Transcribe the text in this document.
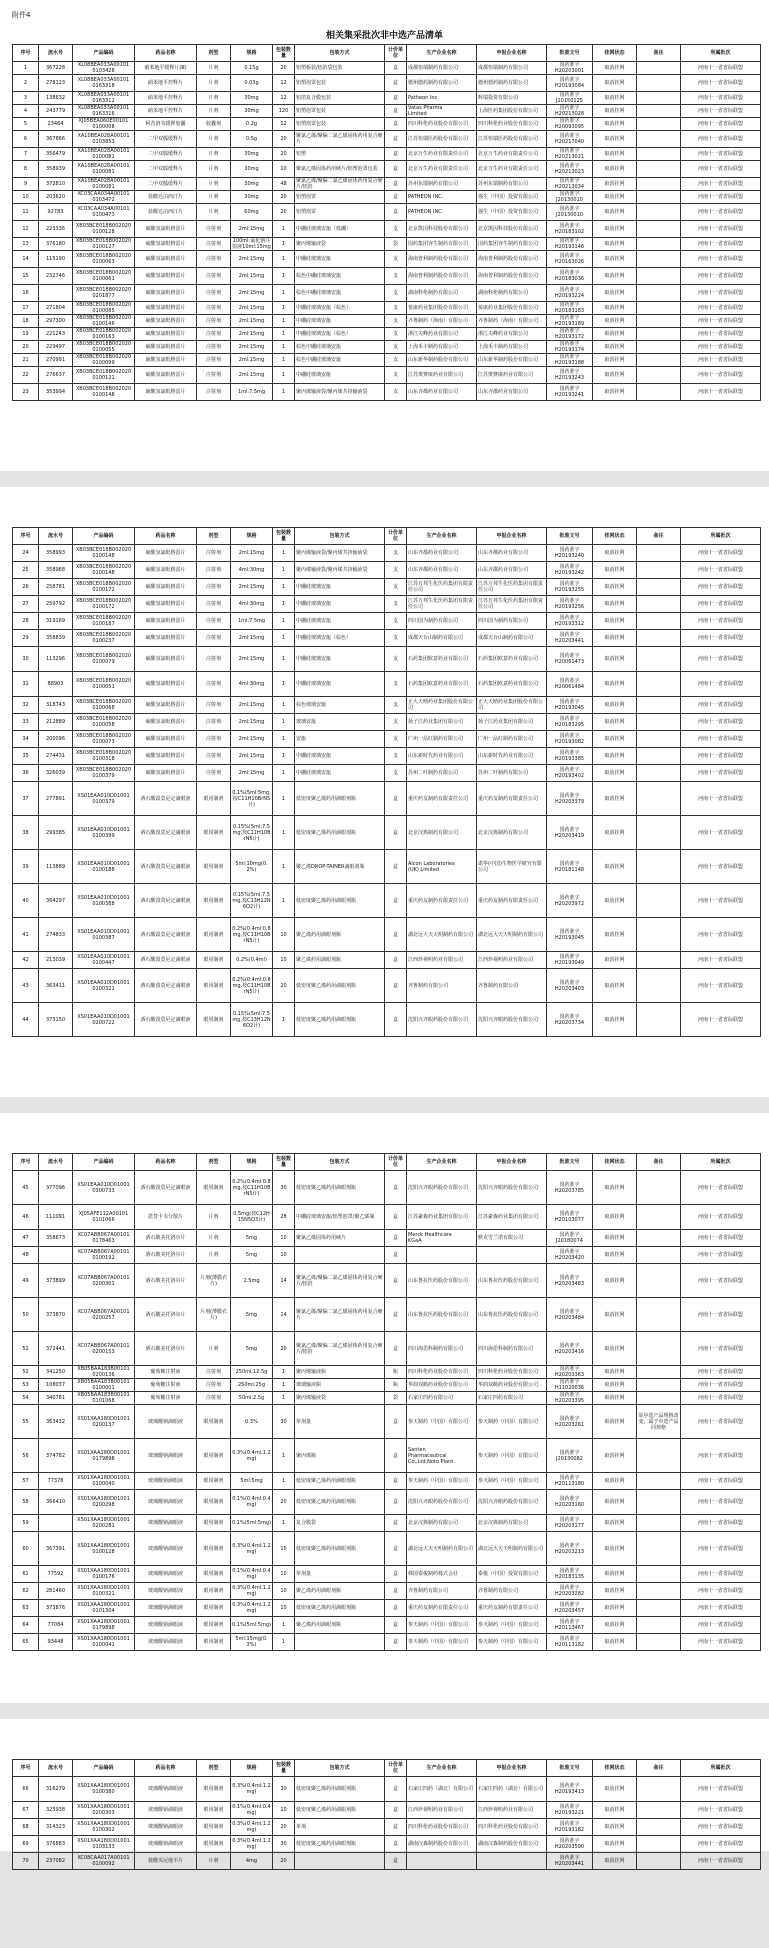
附件4
相关集采批次非中选产品清单
序号	流水号	产品编码	药品名称	剂型	规格	包装数量	包装方式	计价单位	生产企业名称	申报企业名称	批准文号	挂网状态	备注	所属批次
1	367228	XL08BEA033A00101
0103428	硝苯地平缓释片(Ⅲ)	片剂	0.15g	20	铝塑板装/铝箔袋包装	盒	成都恒瑞制药有限公司	成都恒瑞制药有限公司	国药准字
H20203001	取消挂网		河南十一省省际联盟
2	278123	XL08BEA033A00101
0163318	硝苯地平控释片	片剂	0.03g	12	铝塑泡罩包装	盒	德州德药制药有限公司	德州德药制药有限公司	国药准字
H20193084	取消挂网		河南十一省省际联盟
3	138632	XL08BEA033A00101
0163312	硝苯地平控释片	片剂	30mg	12	铝箔复合膜包装	盒	Patheon Inc	辉瑞投资有限公司	国药准字
J20150125	取消挂网		河南十一省省际联盟
4	243779	XL08BEA033A00101
0163316	硝苯地平控释片	片剂	30mg	120	铝塑泡罩包装	盒	Vatas Pharma
Limited	上海医药集团股份有限公司	国药准字
H20213028	取消挂网		河南十一省省际联盟
5	23464	XJ05BEA060E00101
0100008	阿昔洛韦缓释胶囊	胶囊剂	0.2g	12	铝塑泡罩包装	盒	四川科伦药业股份有限公司	四川科伦药业股份有限公司	国药准字
H20093095	取消挂网		河南十一省省际联盟
6	367866	XA10BEA028A00101
0103853	二甲双胍缓释片	片剂	0.5g	20	聚氯乙烯/聚偏二氯乙烯固体药用复合硬片	盒	江苏恒瑞医药股份有限公司	江苏恒瑞医药股份有限公司	国药准字
H20217040	取消挂网		河南十一省省际联盟
7	356479	XA10BEA028A00101
0100081	二甲双胍缓释片	片剂	30mg	20	铝塑	盒	北京万生药业有限责任公司	北京万生药业有限责任公司	国药准字
H20213021	取消挂网		河南十一省省际联盟
8	358939	XA10BEA028A00101
0100081	二甲双胍缓释片	片剂	30mg	10	聚氯乙烯固体药用硬片/铝塑泡罩包装	盒	北京万生药业有限责任公司	北京万生药业有限责任公司	国药准字
H20213023	取消挂网		河南十一省省际联盟
9	372810	XA10BEA028A00101
0100081	二甲双胍缓释片	片剂	30mg	48	聚氯乙烯/聚偏二氯乙烯固体药用复合硬片/铝箔	盒	苏州东瑞制药有限公司	苏州东瑞制药有限公司	国药准字
H20213034	取消挂网		河南十一省省际联盟
10	203620	XC03CAA034A00101
0103472	盐酸达泊西汀片	片剂	30mg	20	铝塑泡罩	盒	PATHEON INC.	强生（中国）投资有限公司	国药准字
J20130010	取消挂网		河南十一省省际联盟
11	92783	XC03CAA034A00101
0100473	盐酸达泊西汀片	片剂	60mg	20	铝塑泡罩	盒	PATHEON INC.	强生（中国）投资有限公司	国药准字
J20130010	取消挂网		河南十一省省际联盟
12	223336	XB03BCE018B002020
0100128	硫酸氢氯吡格雷片	注射剂	2ml:15mg	1	中硼硅玻璃安瓿（低硼）	支	北京凯因科技股份有限公司	北京凯因科技股份有限公司	国药准字
H20183102	取消挂网		河南十一省省际联盟
13	376180	XB03BCE018B002020
0100127	硫酸氢氯吡格雷片	注射剂	100ml:氯化钠注射液10ml:15mg	1	聚丙烯输液袋	袋	国药集团容生制药有限公司	国药集团容生制药有限公司	国药准字
H20193146	取消挂网		河南十一省省际联盟
14	115190	XB03BCE018B002020
0100063	硫酸氢氯吡格雷片	注射剂	2ml:15mg	1	中硼硅玻璃安瓿	支	海南普利制药股份有限公司	海南普利制药股份有限公司	国药准字
H20163026	取消挂网		河南十一省省际联盟
15	232746	XB03BCE018B002020
0100061	硫酸氢氯吡格雷片	注射剂	2ml:15mg	1	棕色中硼硅玻璃安瓿	支	海南普利制药股份有限公司	海南普利制药股份有限公司	国药准字
H20183036	取消挂网		河南十一省省际联盟
16		XB03BCE018B002020
0201877	硫酸氢氯吡格雷片	注射剂	2ml:15mg	1	棕色中硼硅玻璃安瓿	支	湖南科伦制药有限公司	湖南科伦制药有限公司	国药准字
H20193224	取消挂网		河南十一省省际联盟
17	271804	XB03BCE018B002020
0100085	硫酸氢氯吡格雷片	注射剂	2ml:15mg	1	中硼硅玻璃安瓿（棕色）	支	悦康药业集团股份有限公司	悦康药业集团股份有限公司	国药准字
H20183183	取消挂网		河南十一省省际联盟
18	297300	XB03BCE018B002020
0100146	硫酸氢氯吡格雷片	注射剂	2ml:15mg	1	中硼硅玻璃安瓿	支	齐鲁制药（海南）有限公司	齐鲁制药（海南）有限公司	国药准字
H20193189	取消挂网		河南十一省省际联盟
19	221243	XB03BCE018B002020
0100163	硫酸氢氯吡格雷片	注射剂	2ml:15mg	1	中硼硅玻璃安瓿（棕色）	支	浙江尖峰药业有限公司	浙江尖峰药业有限公司	国药准字
H20193172	取消挂网		河南十一省省际联盟
20	229497	XB03BCE018B002020
0100055	硫酸氢氯吡格雷片	注射剂	2ml:15mg	1	棕色中硼硅玻璃安瓿	支	上海禾丰制药有限公司	上海禾丰制药有限公司	国药准字
H20193174	取消挂网		河南十一省省际联盟
21	270991	XB03BCE018B002020
0100099	硫酸氢氯吡格雷片	注射剂	2ml:15mg	1	棕色中硼硅玻璃安瓿	支	山东新华制药股份有限公司	山东新华制药股份有限公司	国药准字
H20193188	取消挂网		河南十一省省际联盟
22	276637	XB03BCE018B002020
0100121	硫酸氢氯吡格雷片	注射剂	2ml:15mg	1	中硼硅玻璃安瓿	支	江苏奥赛康药业有限公司	江苏奥赛康药业有限公司	国药准字
H20193243	取消挂网		河南十一省省际联盟
23	353994	XB03BCE018B002020
0100148	硫酸氢氯吡格雷片	注射剂	1ml:7.5mg	1	聚丙烯输液袋/聚丙烯共挤输液袋	支	山东齐都药业有限公司	山东齐都药业有限公司	国药准字
H20193241	取消挂网		河南十一省省际联盟
序号	流水号	产品编码	药品名称	剂型	规格	包装数量	包装方式	计价单位	生产企业名称	申报企业名称	批准文号	挂网状态	备注	所属批次
24	358993	XB03BCE018B002020
0100148	硫酸氢氯吡格雷片	注射剂	2ml:15mg	1	聚丙烯输液袋/聚丙烯共挤输液袋	支	山东齐都药业有限公司	山东齐都药业有限公司	国药准字
H20193240	取消挂网		河南十一省省际联盟
25	358968	XB03BCE018B002020
0100148	硫酸氢氯吡格雷片	注射剂	4ml:30mg	1	聚丙烯输液袋/聚丙烯共挤输液袋	支	山东齐都药业有限公司	山东齐都药业有限公司	国药准字
H20193242	取消挂网		河南十一省省际联盟
26	258781	XB03BCE018B002020
0100172	硫酸氢氯吡格雷片	注射剂	2ml:15mg	1	中硼硅玻璃安瓿	支	江苏万邦生化医药集团有限责任公司	江苏万邦生化医药集团有限责任公司	国药准字
H20193255	取消挂网		河南十一省省际联盟
27	259792	XB03BCE018B002020
0100172	硫酸氢氯吡格雷片	注射剂	4ml:30mg	1	中硼硅玻璃安瓿	支	江苏万邦生化医药集团有限责任公司	江苏万邦生化医药集团有限责任公司	国药准字
H20193256	取消挂网		河南十一省省际联盟
28	319169	XB03BCE018B002020
0100187	硫酸氢氯吡格雷片	注射剂	1ml:7.5mg	1	中硼硅玻璃安瓿	支	四川国为制药有限公司	四川国为制药有限公司	国药准字
H20193312	取消挂网		河南十一省省际联盟
29	358839	XB03BCE018B002020
0100237	硫酸氢氯吡格雷片	注射剂	2ml:15mg	1	中硼硅玻璃安瓿（棕色）	支	成都天台山制药有限公司	成都天台山制药有限公司	国药准字
H20203441	取消挂网		河南十一省省际联盟
30	113296	XB03BCE018B002020
0100079	硫酸氢氯吡格雷片	注射剂	2ml:15mg	1	中硼硅玻璃安瓿	支	石药集团欧意药业有限公司	石药集团欧意药业有限公司	国药准字
H20061473	取消挂网		河南十一省省际联盟
31	88903	XB03BCE018B002020
0100051	硫酸氢氯吡格雷片	注射剂	4ml:30mg	1	中硼硅玻璃安瓿	支	石药集团欧意药业有限公司	石药集团欧意药业有限公司	国药准字
H20061484	取消挂网		河南十一省省际联盟
32	318743	XB03BCE018B002020
0100068	硫酸氢氯吡格雷片	注射剂	2ml:15mg	1	棕色玻璃安瓿	支	正大天晴药业集团股份有限公司	正大天晴药业集团股份有限公司	国药准字
H20193045	取消挂网		河南十一省省际联盟
33	212889	XB03BCE018B002020
0100058	硫酸氢氯吡格雷片	注射剂	2ml:15mg	1	玻璃安瓿	支	扬子江药业集团有限公司	扬子江药业集团有限公司	国药准字
H20183295	取消挂网		河南十一省省际联盟
34	200096	XB03BCE018B002020
0100073	硫酸氢氯吡格雷片	注射剂	2ml:15mg	1	安瓿	支	广州一品红制药有限公司	广州一品红制药有限公司	国药准字
H20193082	取消挂网		河南十一省省际联盟
35	274431	XB03BCE018B002020
0100318	硫酸氢氯吡格雷片	注射剂	2ml:15mg	1	中硼硅玻璃安瓿	支	山东新时代药业有限公司	山东新时代药业有限公司	国药准字
H20193385	取消挂网		河南十一省省际联盟
36	326039	XB03BCE018B002020
0100379	硫酸氢氯吡格雷片	注射剂	2ml:15mg	1	中硼硅玻璃安瓿	支	苏州二叶制药有限公司	苏州二叶制药有限公司	国药准字
H20193402	取消挂网		河南十一省省际联盟
37	277891	XS01EAA010D01001
0100379	酒石酸溴莫尼定滴眼液	眼用制剂	0.1%(5ml:5mg,按C11H10BrN5计)	1	低密度聚乙烯药用滴眼剂瓶	盒	重庆药友制药有限责任公司	重庆药友制药有限责任公司	国药准字
H20203379	取消挂网		河南十一省省际联盟
38	299385	XS01EAA010D01001
0100399	酒石酸溴莫尼定滴眼液	眼用制剂	0.15%(5ml:7.5mg,按C11H10BrN5计)	1	低密度聚乙烯药用滴眼剂瓶	盒	北京汉典制药有限公司	北京汉典制药有限公司	国药准字
H20203419	取消挂网		河南十一省省际联盟
39	113889	XS01EAA010D01001
0100188	酒石酸溴莫尼定滴眼液	眼用制剂	5ml:10mg(0.2%)	1	聚乙烯DROP-TAINER滴眼剂瓶	盒	Alcon Laboratories
(UK) Limited	诺华(中国)生物医学研究有限公司	国药准字
H20181148	取消挂网		河南十一省省际联盟
40	364297	XS01EAA010D01001
0100388	酒石酸溴莫尼定滴眼液	眼用制剂	0.15%(5ml:7.5mg,按C13H12N6O2计)	1	低密度聚乙烯药用滴眼剂瓶	盒	重庆药友制药有限责任公司	重庆药友制药有限责任公司	国药准字
H20203972	取消挂网		河南十一省省际联盟
41	274833	XS01EAA010D01001
0100387	酒石酸溴莫尼定滴眼液	眼用制剂	0.2%(0.4ml:0.8mg,按C11H10BrN5计)	10	聚乙烯药用滴眼剂瓶	盒	湖北远大天天明制药有限公司	湖北远大天天明制药有限公司	国药准字
H20193045	取消挂网		河南十一省省际联盟
42	213039	XS01EAA010D01001
0100447	酒石酸溴莫尼定滴眼液	眼用制剂	0.2%(0.4ml)	10	聚乙烯药用滴眼剂瓶	盒	江西珍视明药业有限公司	江西珍视明药业有限公司	国药准字
H20193049	取消挂网		河南十一省省际联盟
43	363411	XS01EAA010D01001
0100321	酒石酸溴莫尼定滴眼液	眼用制剂	0.2%(0.4ml:0.8mg,按C11H10BrN5计)	20	低密度聚乙烯药用滴眼剂瓶	盒	齐鲁制药有限公司	齐鲁制药有限公司	国药准字
H20203403	取消挂网		河南十一省省际联盟
44	373150	XS01EAA010D01001
0200722	酒石酸溴莫尼定滴眼液	眼用制剂	0.15%(5ml:7.5mg,按C13H12N6O2计)	1	低密度聚乙烯药用滴眼剂瓶	盒	沈阳兴齐眼药股份有限公司	沈阳兴齐眼药股份有限公司	国药准字
H20203734	取消挂网		河南十一省省际联盟
序号	流水号	产品编码	药品名称	剂型	规格	包装数量	包装方式	计价单位	生产企业名称	申报企业名称	批准文号	挂网状态	备注	所属批次
45	377096	XS01EAA010D01001
0300733	酒石酸溴莫尼定滴眼液	眼用制剂	0.2%(0.4ml:0.8mg,按C11H10BrN5计)	30	低密度聚乙烯药用滴眼剂瓶	盒	沈阳兴齐眼药股份有限公司	沈阳兴齐眼药股份有限公司	国药准字
H20203785	取消挂网		河南十一省省际联盟
46	111091	XJ05AFE112A00101
0101066	恩替卡韦分散片	片剂	0.5mg(按C12H15N5O3计)	28	中硼硅玻璃安瓿/铝塑泡罩/聚乙烯瓶	盒	江苏豪森药业集团有限公司	江苏豪森药业集团有限公司	国药准字
H20103077	取消挂网		河南十一省省际联盟
47	358673	XC07ABB067A00101
0178463	酒石酸美托洛尔片	片剂	5mg	10	聚氯乙烯固体药用硬片	盒	Merck Healthcare
KGaA	默克雪兰诺有限公司	国药准字
J20180074	取消挂网		河南十一省省际联盟
48		XC07ABB067A00101
0100192	酒石酸美托洛尔片	片剂	5mg	10		盒			国药准字
H20203420	取消挂网		河南十一省省际联盟
49	373899	XC07ABB067A00101
0200301	酒石酸美托洛尔片	片剂(薄膜衣片)	2.5mg	14	聚氯乙烯/聚偏二氯乙烯固体药用复合硬片/铝箔	盒	山东鲁抗医药股份有限公司	山东鲁抗医药股份有限公司	国药准字
H20203483	取消挂网		河南十一省省际联盟
50	373870	XC07ABB067A00101
0200257	酒石酸美托洛尔片	片剂(薄膜衣片)	5mg	14	聚氯乙烯/聚偏二氯乙烯固体药用复合硬片	盒	山东鲁抗医药股份有限公司	山东鲁抗医药股份有限公司	国药准字
H20203484	取消挂网		河南十一省省际联盟
51	372441	XC07ABB067A00101
0200153	酒石酸美托洛尔片	片剂	5mg	20	聚氯乙烯/聚偏二氯乙烯固体药用复合硬片/铝箔	盒	四川海思科制药有限公司	四川海思科制药有限公司	国药准字
H20203416	取消挂网		河南十一省省际联盟
52	341250	XB05BAA183B00101
0200136	葡萄糖注射液	注射剂	250ml:12.5g	1	聚丙烯输液瓶	瓶	四川科伦药业股份有限公司	四川科伦药业股份有限公司	国药准字
H20203363	取消挂网		河南十一省省际联盟
53	108037	XB05BAA183B00101
0100001	葡萄糖注射液	注射剂	250ml:25g	1	玻璃输液瓶	瓶	华润双鹤药业股份有限公司	华润双鹤药业股份有限公司	国药准字
H11020036	取消挂网		河南十一省省际联盟
54	340781	XB05BAA183B00101
0101068	葡萄糖注射液	注射剂	50ml:2.5g	1	聚丙烯输液袋	袋	石家庄四药有限公司	石家庄四药有限公司	国药准字
H20203395	取消挂网		河南十一省省际联盟
55	363432	XS01XAA180D01001
0200137	玻璃酸钠滴眼液	眼用制剂	0.3%	30	单剂量	盒	参天制药（中国）有限公司	参天制药（中国）有限公司	国药准字
H20203261	取消挂网	原中选产品规格改变，属于中选产品同规格	河南十一省省际联盟
56	374782	XS01XAA180D01001
0179898	玻璃酸钠滴眼液	眼用制剂	0.3%(0.4ml:1.2mg)	1	聚丙烯瓶	盒	Santen
Pharmaceutical
Co.,Ltd.Noto Plant	参天制药（中国）有限公司	国药准字
J20130082	取消挂网		河南十一省省际联盟
57	77378	XS01XAA180D01001
0100040	玻璃酸钠滴眼液	眼用制剂	5ml:5mg	1	低密度聚乙烯药用滴眼剂瓶	盒	参天制药（中国）有限公司	参天制药（中国）有限公司	国药准字
H20113180	取消挂网		河南十一省省际联盟
58	366410	XS01XAA180D01001
0200298	玻璃酸钠滴眼液	眼用制剂	0.1%(0.4ml:0.4mg)	20	低密度聚乙烯药用滴眼剂瓶	盒	沈阳兴齐眼药股份有限公司	沈阳兴齐眼药股份有限公司	国药准字
H20203160	取消挂网		河南十一省省际联盟
59		XS01XAA180D01001
0200281	玻璃酸钠滴眼液	眼用制剂	0.1%(5ml:5mg)	1	复合膜袋	盒	北京汉典制药有限公司	北京汉典制药有限公司	国药准字
H20203177	取消挂网		河南十一省省际联盟
60	367391	XS01XAA180D01001
0100128	玻璃酸钠滴眼液	眼用制剂	0.3%(0.4ml:1.2mg)	15	低密度聚乙烯药用滴眼剂瓶	盒	湖北远大天天明制药有限公司	湖北远大天天明制药有限公司	国药准字
H20203213	取消挂网		河南十一省省际联盟
61	77592	XS01XAA180D01001
0100176	玻璃酸钠滴眼液	眼用制剂	0.1%(0.4ml:0.4mg)	10	单剂量	盒	韩国泰俊制药株式会社	泰俊（中国）投资有限公司	国药准字
H20183135	取消挂网		河南十一省省际联盟
62	281460	XS01XAA180D01001
0100321	玻璃酸钠滴眼液	眼用制剂	0.3%(0.4ml:1.2mg)	10	聚乙烯药用滴眼剂瓶	盒	齐鲁制药有限公司	齐鲁制药有限公司	国药准字
H20203282	取消挂网		河南十一省省际联盟
63	373876	XS01XAA180D01001
0101304	玻璃酸钠滴眼液	眼用制剂	0.3%(0.4ml:1.2mg)	10	低密度聚乙烯药用滴眼剂瓶	盒	重庆药友制药有限责任公司	重庆药友制药有限责任公司	国药准字
H20203457	取消挂网		河南十一省省际联盟
64	77084	XS01XAA180D01001
0179898	玻璃酸钠滴眼液	眼用制剂	0.1%(5ml:5mg)	1	聚乙烯药用滴眼剂瓶	盒	参天制药（中国）有限公司	参天制药（中国）有限公司	国药准字
H20113467	取消挂网		河南十一省省际联盟
65	93448	XS01XAA180D01001
0100041	玻璃酸钠滴眼液	眼用制剂	5ml:15mg(0.3%)	1		盒	参天制药（中国）有限公司	参天制药（中国）有限公司	国药准字
H20113182	取消挂网		河南十一省省际联盟
序号	流水号	产品编码	药品名称	剂型	规格	包装数量	包装方式	计价单位	生产企业名称	申报企业名称	批准文号	挂网状态	备注	所属批次
66	316279	XS01XAA180D01001
0100380	玻璃酸钠滴眼液	眼用制剂	0.3%(0.4ml:1.2mg)	30	低密度聚乙烯药用滴眼剂瓶	盒	石家庄四药（湖北）有限公司	石家庄四药（湖北）有限公司	国药准字
H20193413	取消挂网		河南十一省省际联盟
67	325938	XS01XAA180D01001
0200303	玻璃酸钠滴眼液	眼用制剂	0.1%(0.4ml:0.4mg)	10	低密度聚乙烯药用滴眼剂瓶	盒	江西珍视明药业有限公司	江西珍视明药业有限公司	国药准字
H20193221	取消挂网		河南十一省省际联盟
68	314323	XS01XAA180D01001
0100302	玻璃酸钠滴眼液	眼用制剂	0.3%(0.4ml:1.2mg)	20	单剂	盒	四川科伦药业股份有限公司	四川科伦药业股份有限公司	国药准字
H20193182	取消挂网		河南十一省省际联盟
69	376883	XS01XAA180D01001
0103133	玻璃酸钠滴眼液	眼用制剂	0.3%(0.4ml:1.2mg)	30	低密度聚乙烯药用滴眼剂瓶	盒	湖南汉森制药股份有限公司	湖南汉森制药股份有限公司	国药准字
H20203590	取消挂网		河南十一省省际联盟
70	237082	XC08CAA017A00101
0100092	盐酸贝尼地平片	片剂	4mg	20		盒			国药准字
H20203441	取消挂网		河南十一省省际联盟
